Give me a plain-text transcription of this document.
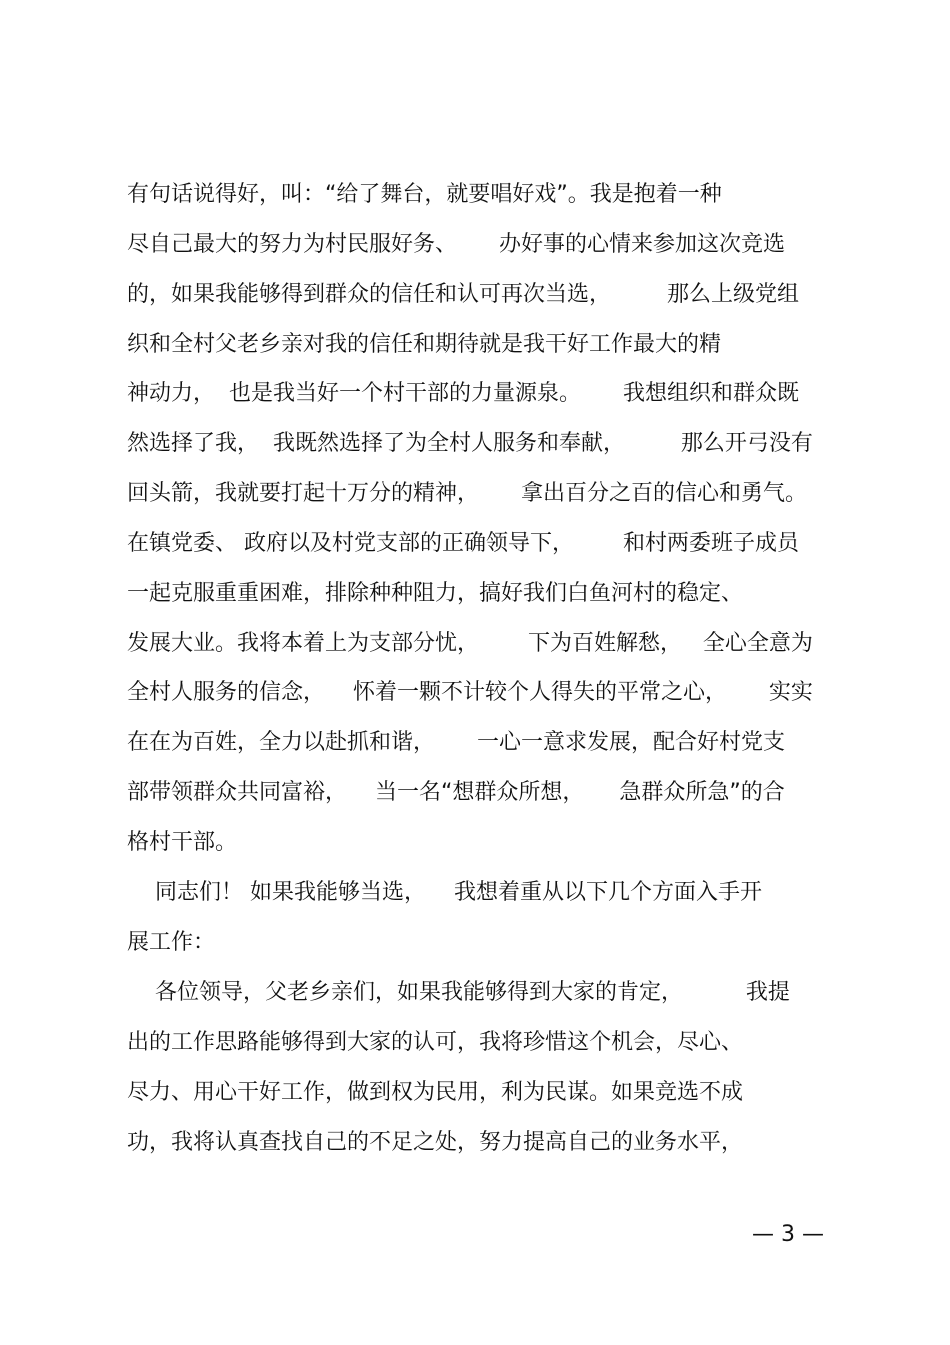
有句话说得好，叫：“给了舞台，就要唱好戏”。我是抱着一种
尽自己最大的努力为村民服好务、      办好事的心情来参加这次竞选
的，如果我能够得到群众的信任和认可再次当选，        那么上级党组
织和全村父老乡亲对我的信任和期待就是我干好工作最大的精
神动力，  也是我当好一个村干部的力量源泉。      我想组织和群众既
然选择了我，  我既然选择了为全村人服务和奉献，        那么开弓没有
回头箭，我就要打起十万分的精神，      拿出百分之百的信心和勇气。
在镇党委、 政府以及村党支部的正确领导下，       和村两委班子成员
一起克服重重困难，排除种种阻力，搞好我们白鱼河村的稳定、
发展大业。我将本着上为支部分忧，       下为百姓解愁，   全心全意为
全村人服务的信念，    怀着一颗不计较个人得失的平常之心，      实实
在在为百姓，全力以赴抓和谐，      一心一意求发展，配合好村党支
部带领群众共同富裕，    当一名“想群众所想，     急群众所急”的合
格村干部。
同志们！ 如果我能够当选，    我想着重从以下几个方面入手开
展工作：
各位领导，父老乡亲们，如果我能够得到大家的肯定，         我提
出的工作思路能够得到大家的认可，我将珍惜这个机会，尽心、
尽力、用心干好工作，做到权为民用，利为民谋。如果竞选不成
功，我将认真查找自己的不足之处，努力提高自己的业务水平，
— 3 —
